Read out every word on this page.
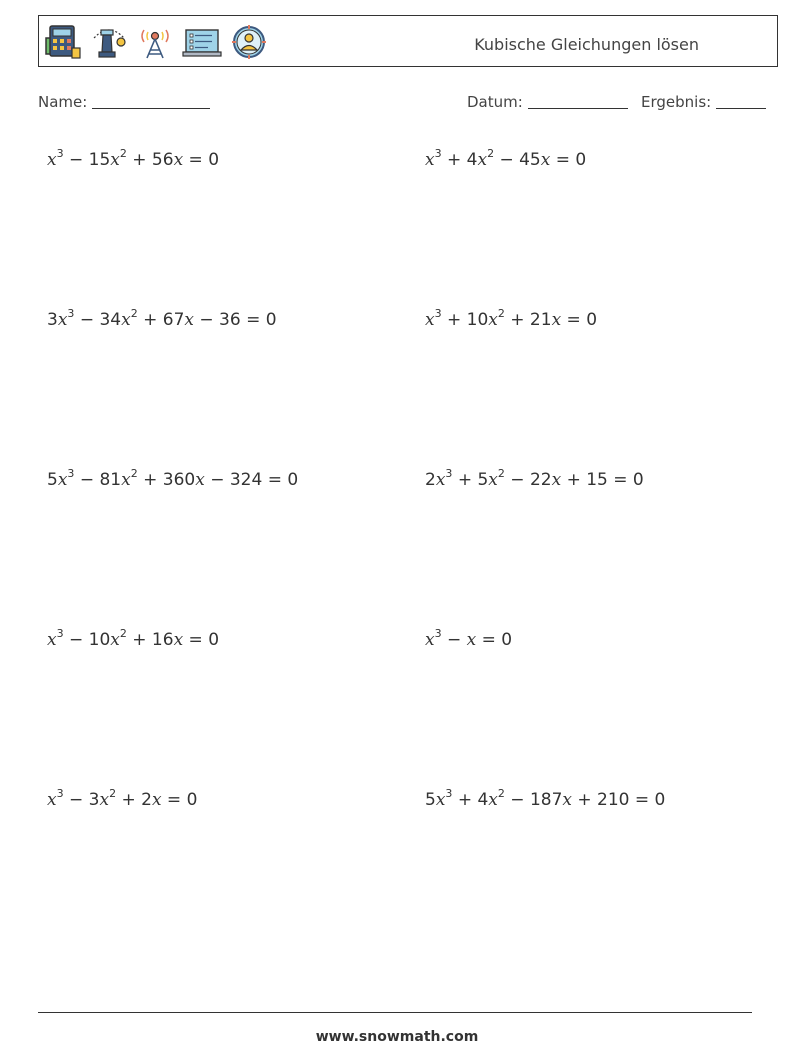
Kubische Gleichungen lösen
Name:	Datum:	Ergebnis:
$x^3 - 15x^2 + 56x = 0$	$x^3 + 4x^2 - 45x = 0$
$3x^3 - 34x^2 + 67x - 36 = 0$	$x^3 + 10x^2 + 21x = 0$
$5x^3 - 81x^2 + 360x - 324 = 0$	$2x^3 + 5x^2 - 22x + 15 = 0$
$x^3 - 10x^2 + 16x = 0$	$x^3 - x = 0$
$x^3 - 3x^2 + 2x = 0$	$5x^3 + 4x^2 - 187x + 210 = 0$
www.snowmath.com
